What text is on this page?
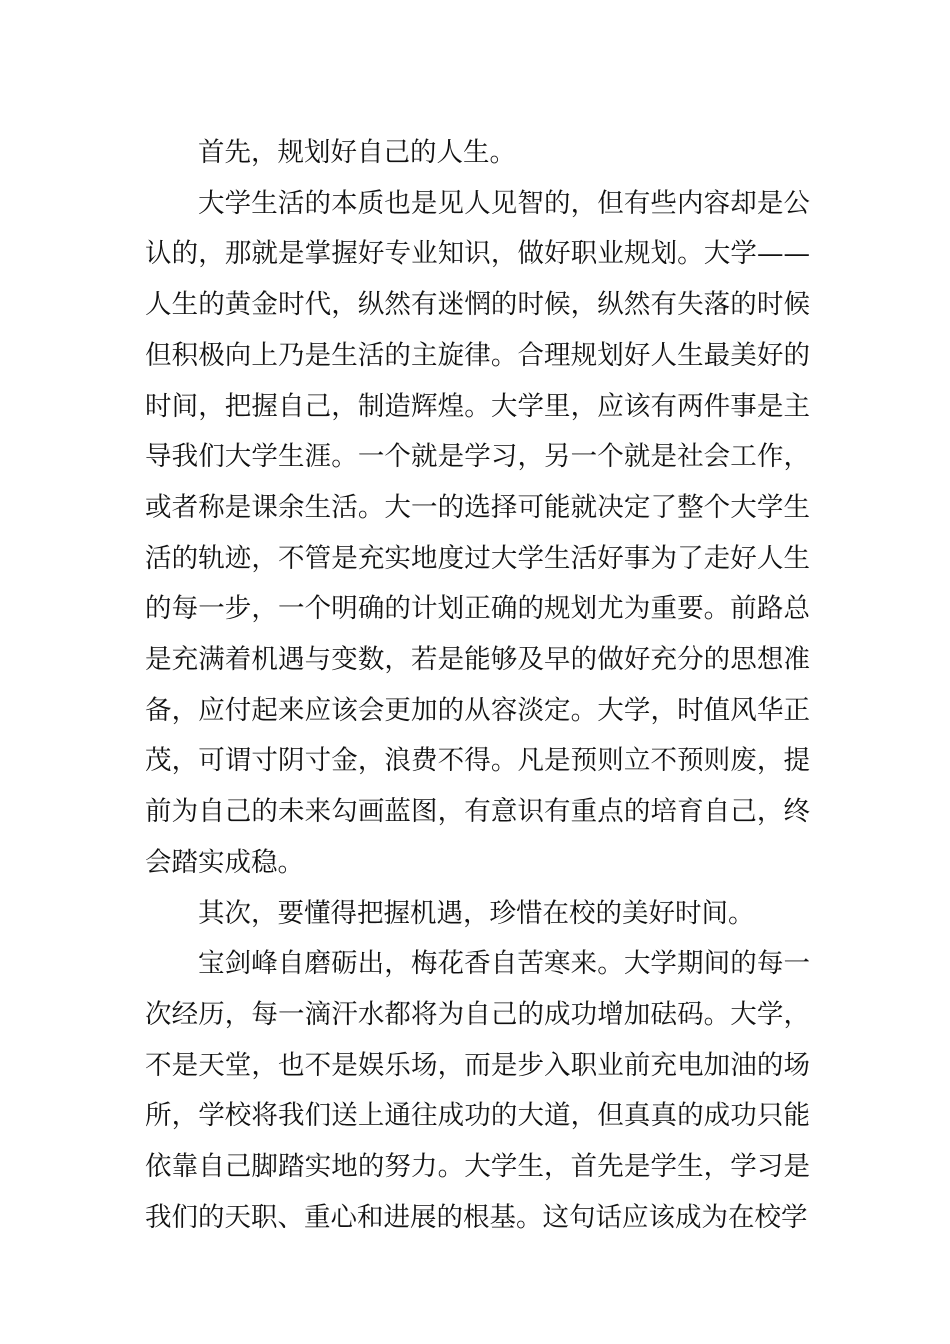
首先，规划好自己的人生。

大学生活的本质也是见人见智的，但有些内容却是公认的，那就是掌握好专业知识，做好职业规划。大学——人生的黄金时代，纵然有迷惘的时候，纵然有失落的时候但积极向上乃是生活的主旋律。合理规划好人生最美好的时间，把握自己，制造辉煌。大学里，应该有两件事是主导我们大学生涯。一个就是学习，另一个就是社会工作，或者称是课余生活。大一的选择可能就决定了整个大学生活的轨迹，不管是充实地度过大学生活好事为了走好人生的每一步，一个明确的计划正确的规划尤为重要。前路总是充满着机遇与变数，若是能够及早的做好充分的思想准备，应付起来应该会更加的从容淡定。大学，时值风华正茂，可谓寸阴寸金，浪费不得。凡是预则立不预则废，提前为自己的未来勾画蓝图，有意识有重点的培育自己，终会踏实成稳。

其次，要懂得把握机遇，珍惜在校的美好时间。

宝剑峰自磨砺出，梅花香自苦寒来。大学期间的每一次经历，每一滴汗水都将为自己的成功增加砝码。大学，不是天堂，也不是娱乐场，而是步入职业前充电加油的场所，学校将我们送上通往成功的大道，但真真的成功只能依靠自己脚踏实地的努力。大学生，首先是学生，学习是我们的天职、重心和进展的根基。这句话应该成为在校学
